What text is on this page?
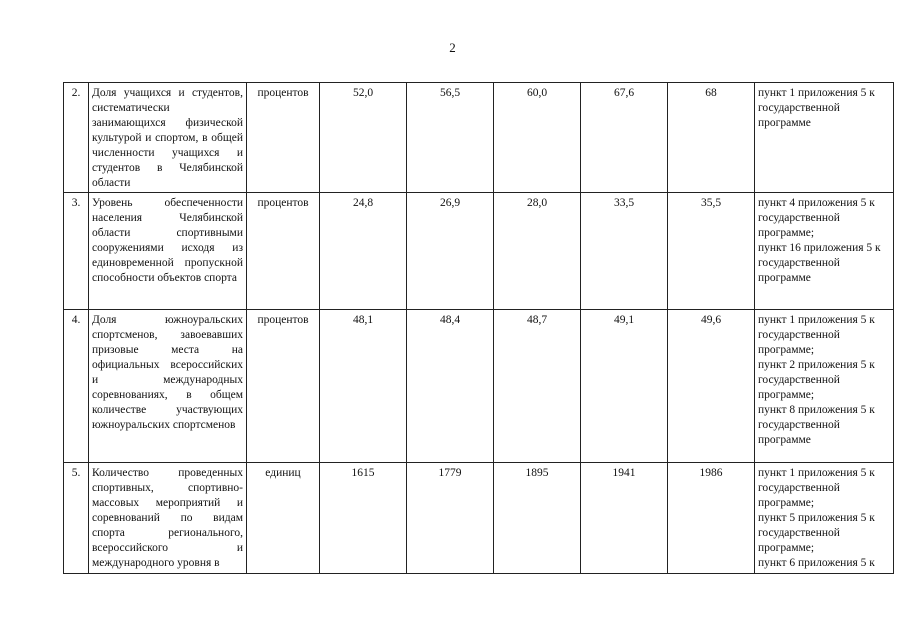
2
2.	Доля учащихся и студентов, систематически занимающихся физической культурой и спортом, в общей численности учащихся и студентов в Челябинской области	процентов	52,0	56,5	60,0	67,6	68	пункт 1 приложения 5 к государственной программе

3.	Уровень обеспеченности населения Челябинской области спортивными сооружениями исходя из единовременной пропускной способности объектов спорта	процентов	24,8	26,9	28,0	33,5	35,5	пункт 4 приложения 5 к государственной программе;
пункт 16 приложения 5 к государственной программе

4.	Доля южноуральских спортсменов, завоевавших призовые места на официальных всероссийских и международных соревнованиях, в общем количестве участвующих южноуральских спортсменов	процентов	48,1	48,4	48,7	49,1	49,6	пункт 1 приложения 5 к государственной программе;
пункт 2 приложения 5 к государственной программе;
пункт 8 приложения 5 к государственной программе

5.	Количество проведенных спортивных, спортивно-массовых мероприятий и соревнований по видам спорта регионального, всероссийского и международного уровня в	единиц	1615	1779	1895	1941	1986	пункт 1 приложения 5 к государственной программе;
пункт 5 приложения 5 к государственной программе;
пункт 6 приложения 5 к
